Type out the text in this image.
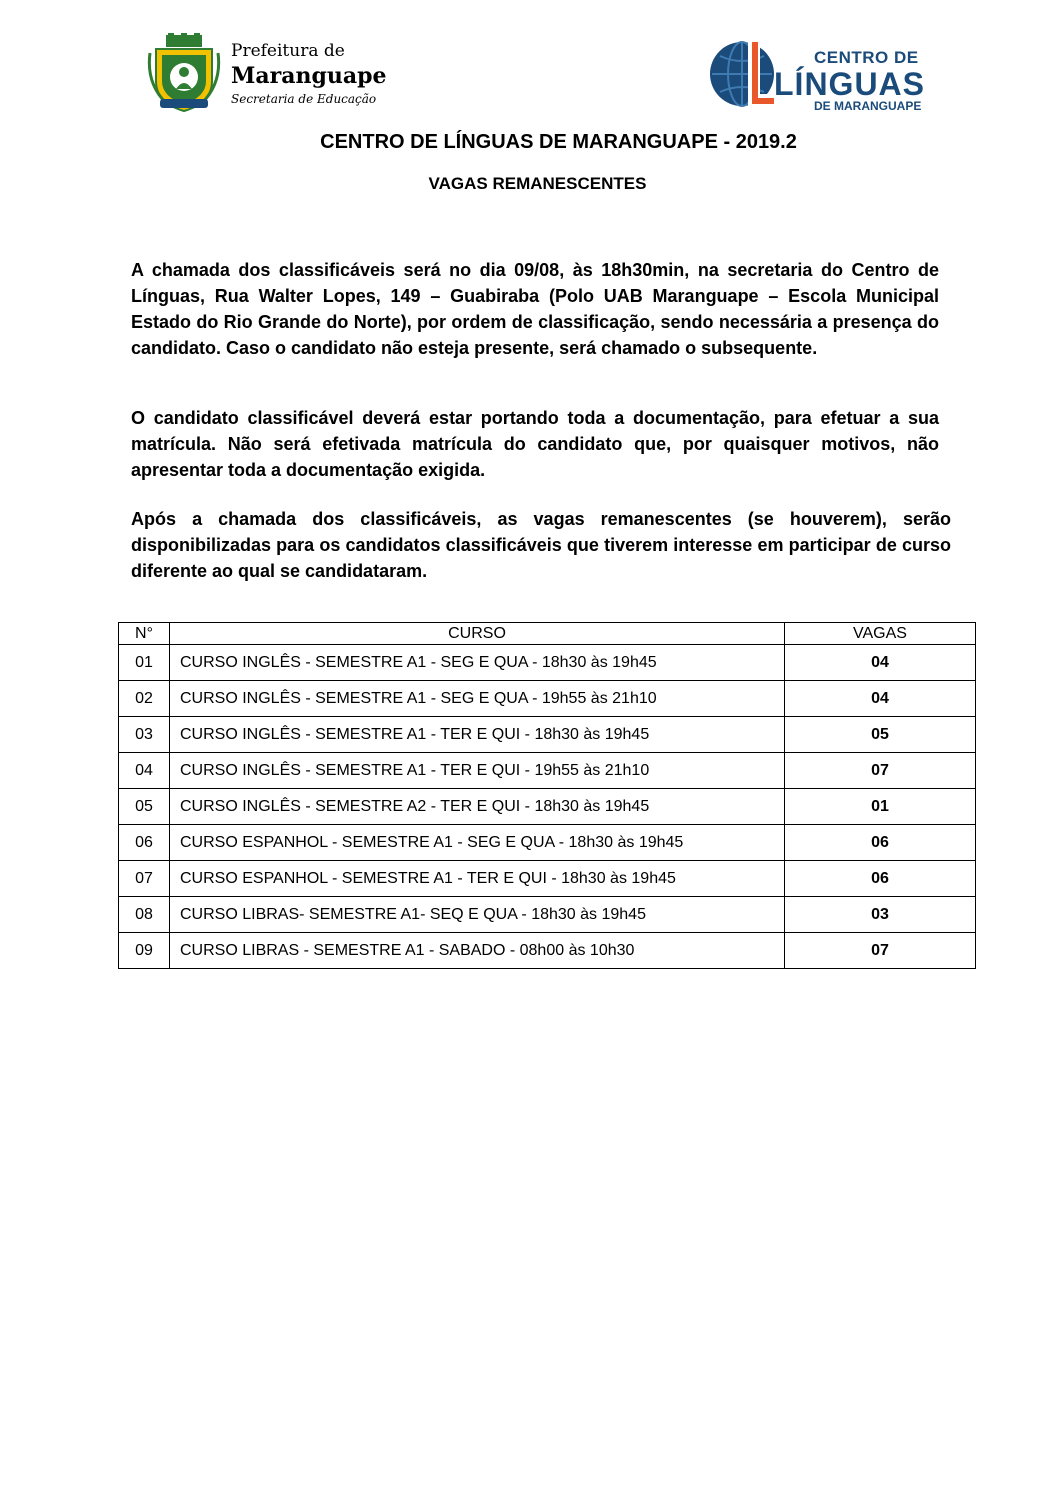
Prefeitura de
Maranguape
Secretaria de Educação
CENTRO DE
LÍNGUAS
DE MARANGUAPE
CENTRO DE LÍNGUAS DE MARANGUAPE - 2019.2
VAGAS REMANESCENTES

A chamada dos classificáveis será no dia 09/08, às 18h30min, na secretaria do Centro de Línguas, Rua Walter Lopes, 149 – Guabiraba (Polo UAB Maranguape – Escola Municipal Estado do Rio Grande do Norte), por ordem de classificação, sendo necessária a presença do candidato. Caso o candidato não esteja presente, será chamado o subsequente.

O candidato classificável deverá estar portando toda a documentação, para efetuar a sua matrícula. Não será efetivada matrícula do candidato que, por quaisquer motivos, não apresentar toda a documentação exigida.

Após a chamada dos classificáveis, as vagas remanescentes (se houverem), serão disponibilizadas para os candidatos classificáveis que tiverem interesse em participar de curso diferente ao qual se candidataram.

N°	CURSO	VAGAS
01	CURSO INGLÊS - SEMESTRE A1 - SEG E QUA - 18h30 às 19h45	04
02	CURSO INGLÊS - SEMESTRE A1 - SEG E QUA - 19h55 às 21h10	04
03	CURSO INGLÊS - SEMESTRE A1 - TER E QUI - 18h30 às 19h45	05
04	CURSO INGLÊS - SEMESTRE A1 - TER E QUI - 19h55 às 21h10	07
05	CURSO INGLÊS - SEMESTRE A2 - TER E QUI - 18h30 às 19h45	01
06	CURSO ESPANHOL - SEMESTRE A1 - SEG E QUA - 18h30 às 19h45	06
07	CURSO ESPANHOL - SEMESTRE A1 - TER E QUI - 18h30 às 19h45	06
08	CURSO LIBRAS- SEMESTRE A1- SEQ E QUA - 18h30 às 19h45	03
09	CURSO LIBRAS - SEMESTRE A1 - SABADO - 08h00 às 10h30	07
